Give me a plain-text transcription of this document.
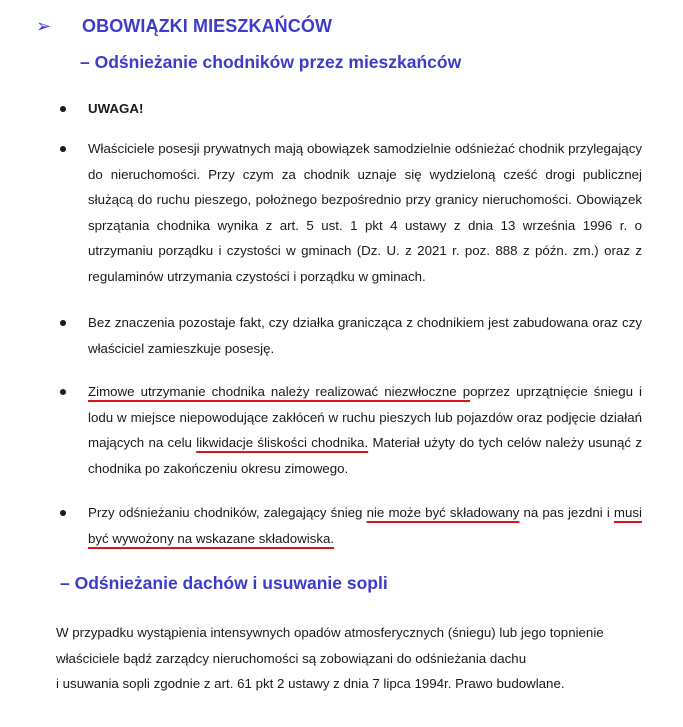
➢	OBOWIĄZKI MIESZKAŃCÓW
– Odśnieżanie chodników przez mieszkańców
UWAGA!
Właściciele posesji prywatnych mają obowiązek samodzielnie odśnieżać chodnik przylegający do nieruchomości. Przy czym za chodnik uznaje się wydzieloną cześć drogi publicznej służącą do ruchu pieszego, położnego bezpośrednio przy granicy nieruchomości. Obowiązek sprzątania chodnika wynika z art. 5 ust. 1 pkt 4 ustawy z dnia 13 września 1996 r. o utrzymaniu porządku i czystości w gminach (Dz. U. z 2021 r. poz. 888 z późn. zm.) oraz z regulaminów utrzymania czystości i porządku w gminach.
Bez znaczenia pozostaje fakt, czy działka granicząca z chodnikiem jest zabudowana oraz czy właściciel zamieszkuje posesję.
Zimowe utrzymanie chodnika należy realizować niezwłoczne poprzez uprzątnięcie śniegu i lodu w miejsce niepowodujące zakłóceń w ruchu pieszych lub pojazdów oraz podjęcie działań mających na celu likwidacje śliskości chodnika. Materiał użyty do tych celów należy usunąć z chodnika po zakończeniu okresu zimowego.
Przy odśnieżaniu chodników, zalegający śnieg nie może być składowany na pas jezdni i musi być wywożony na wskazane składowiska.
– Odśnieżanie dachów i usuwanie sopli
W przypadku wystąpienia intensywnych opadów atmosferycznych (śniegu) lub jego topnienie
właściciele bądź zarządcy nieruchomości są zobowiązani do odśnieżania dachu
i usuwania sopli zgodnie z art. 61 pkt 2 ustawy z dnia 7 lipca 1994r. Prawo budowlane.
